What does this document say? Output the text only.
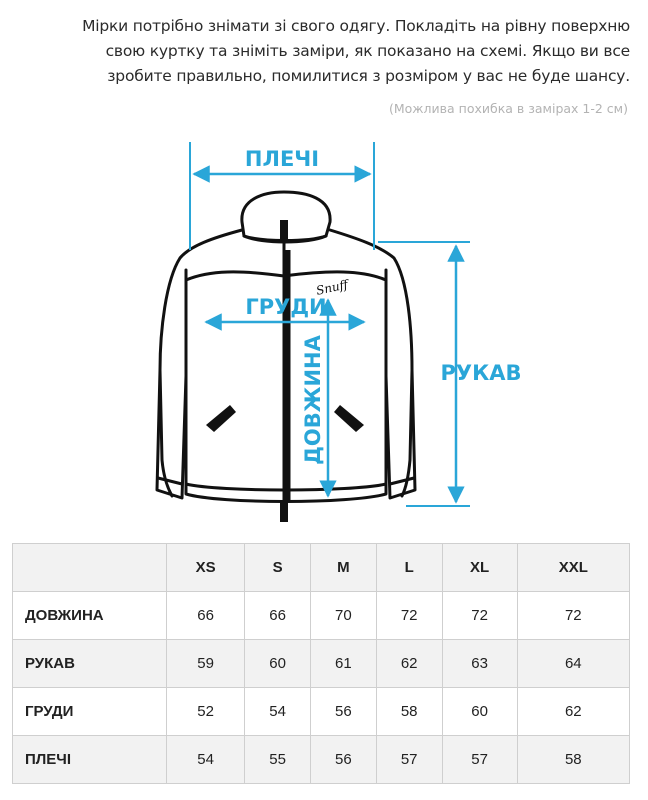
Мірки потрібно знімати зі свого одягу. Покладіть на рівну поверхню
свою куртку та зніміть заміри, як показано на схемі. Якщо ви все
зробите правильно, помилитися з розміром у вас не буде шансу.
(Можлива похибка в замірах 1-2 см)
Snuff
ПЛЕЧІ
ГРУДИ
ДОВЖИНА	РУКАВ
	XS	S	M	L	XL	XXL
ДОВЖИНА	66	66	70	72	72	72
РУКАВ	59	60	61	62	63	64
ГРУДИ	52	54	56	58	60	62
ПЛЕЧІ	54	55	56	57	57	58
